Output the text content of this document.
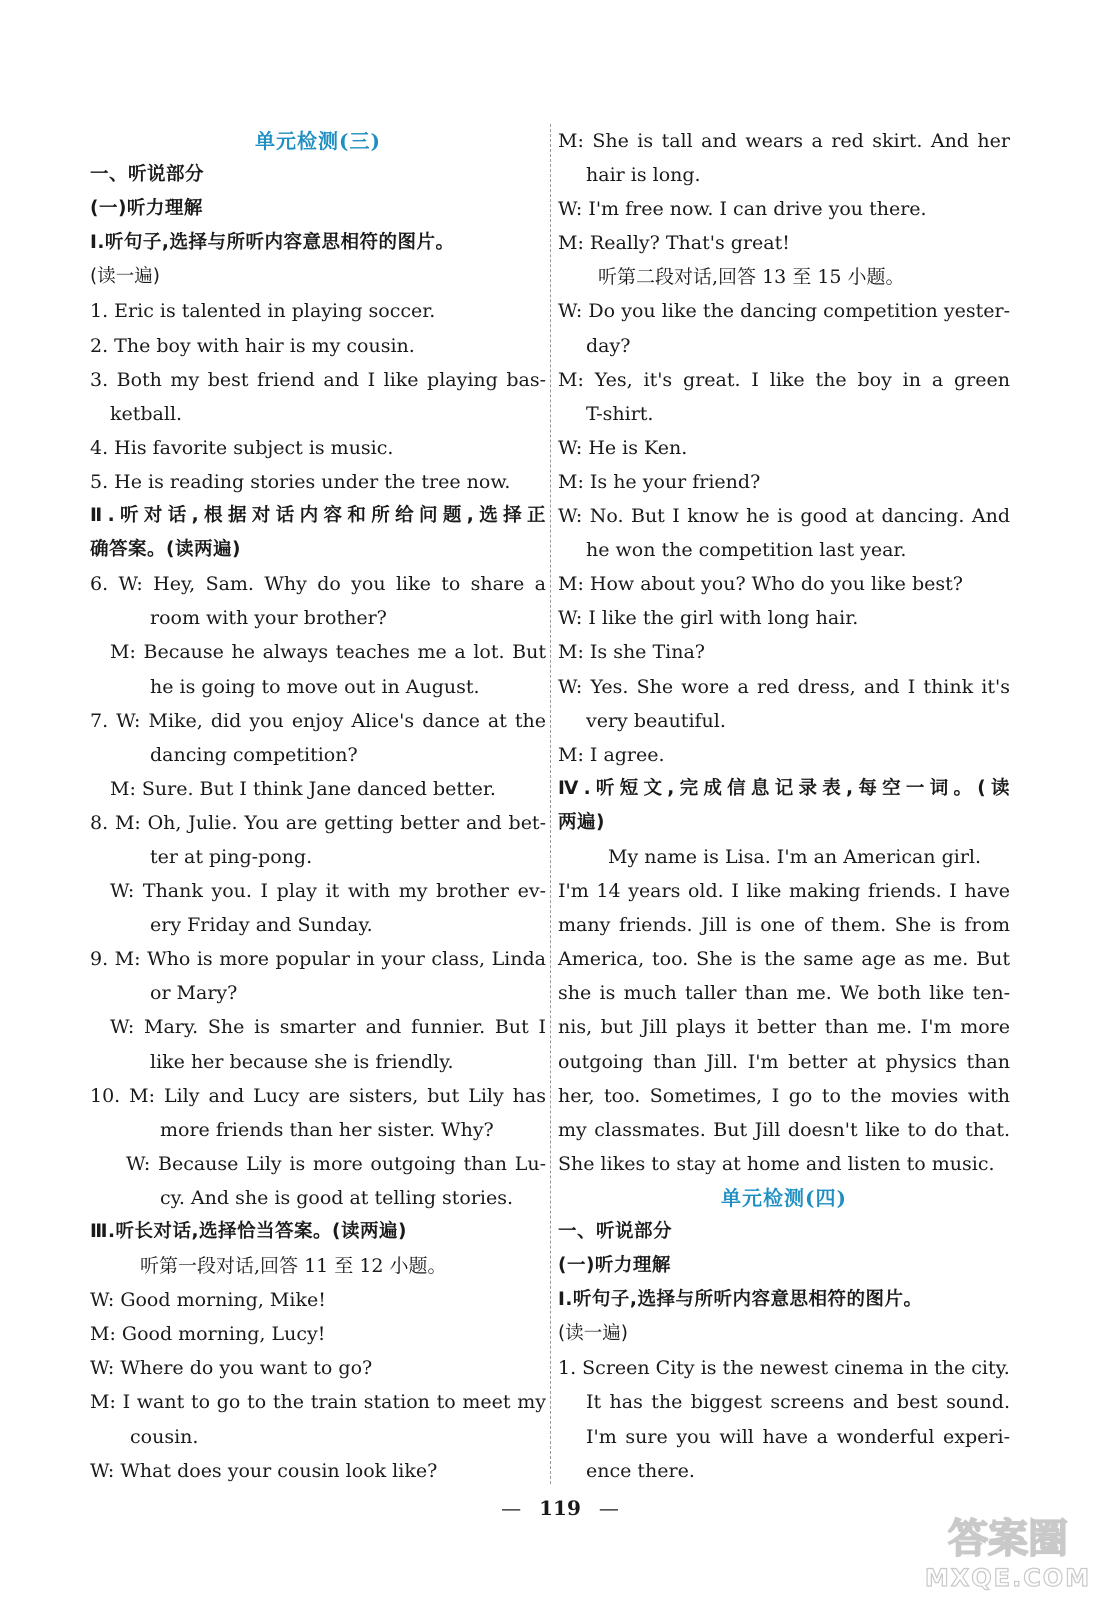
单元检测(三)
一、听说部分
(一)听力理解
Ⅰ.听句子,选择与所听内容意思相符的图片。
(读一遍)
1. Eric is talented in playing soccer.
2. The boy with hair is my cousin.
3. Both my best friend and I like playing bas-
ketball.
4. His favorite subject is music.
5. He is reading stories under the tree now.
Ⅱ.听对话,根据对话内容和所给问题,选择正
确答案。(读两遍)
6. W: Hey, Sam. Why do you like to share a
room with your brother?
M: Because he always teaches me a lot. But
he is going to move out in August.
7. W: Mike, did you enjoy Alice's dance at the
dancing competition?
M: Sure. But I think Jane danced better.
8. M: Oh, Julie. You are getting better and bet-
ter at ping-pong.
W: Thank you. I play it with my brother ev-
ery Friday and Sunday.
9. M: Who is more popular in your class, Linda
or Mary?
W: Mary. She is smarter and funnier. But I
like her because she is friendly.
10. M: Lily and Lucy are sisters, but Lily has
more friends than her sister. Why?
W: Because Lily is more outgoing than Lu-
cy. And she is good at telling stories.
Ⅲ.听长对话,选择恰当答案。(读两遍)
听第一段对话,回答 11 至 12 小题。
W: Good morning, Mike!
M: Good morning, Lucy!
W: Where do you want to go?
M: I want to go to the train station to meet my
cousin.
W: What does your cousin look like?
M: She is tall and wears a red skirt. And her
hair is long.
W: I'm free now. I can drive you there.
M: Really? That's great!
听第二段对话,回答 13 至 15 小题。
W: Do you like the dancing competition yester-
day?
M: Yes, it's great. I like the boy in a green
T-shirt.
W: He is Ken.
M: Is he your friend?
W: No. But I know he is good at dancing. And
he won the competition last year.
M: How about you? Who do you like best?
W: I like the girl with long hair.
M: Is she Tina?
W: Yes. She wore a red dress, and I think it's
very beautiful.
M: I agree.
Ⅳ.听短文,完成信息记录表,每空一词。(读
两遍)
My name is Lisa. I'm an American girl.
I'm 14 years old. I like making friends. I have
many friends. Jill is one of them. She is from
America, too. She is the same age as me. But
she is much taller than me. We both like ten-
nis, but Jill plays it better than me. I'm more
outgoing than Jill. I'm better at physics than
her, too. Sometimes, I go to the movies with
my classmates. But Jill doesn't like to do that.
She likes to stay at home and listen to music.
单元检测(四)
一、听说部分
(一)听力理解
Ⅰ.听句子,选择与所听内容意思相符的图片。
(读一遍)
1. Screen City is the newest cinema in the city.
It has the biggest screens and best sound.
I'm sure you will have a wonderful experi-
ence there.
— 119 —
答案圈
MXQE.COM
